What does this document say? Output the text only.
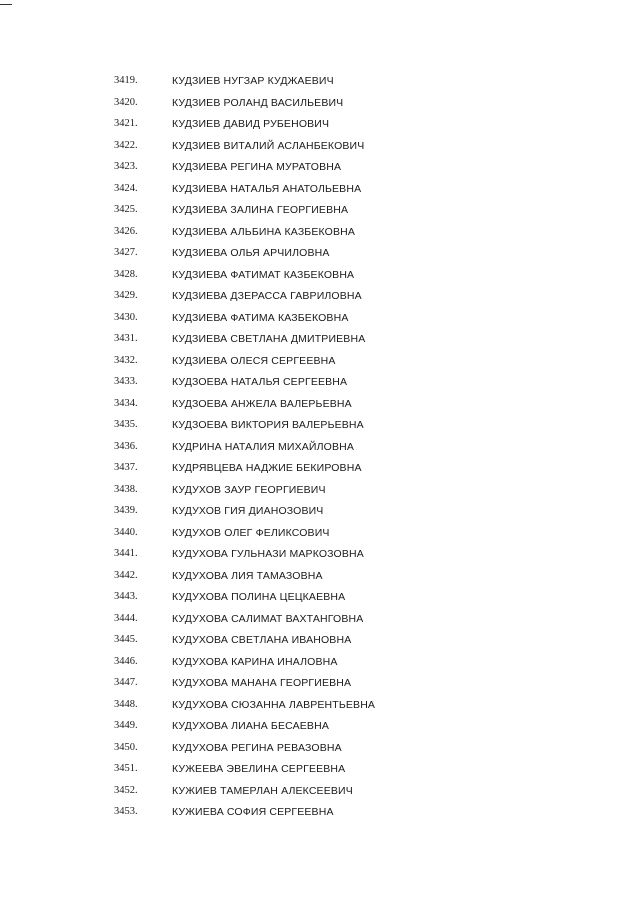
3419.	КУДЗИЕВ НУГЗАР КУДЖАЕВИЧ
3420.	КУДЗИЕВ РОЛАНД ВАСИЛЬЕВИЧ
3421.	КУДЗИЕВ ДАВИД РУБЕНОВИЧ
3422.	КУДЗИЕВ ВИТАЛИЙ АСЛАНБЕКОВИЧ
3423.	КУДЗИЕВА РЕГИНА МУРАТОВНА
3424.	КУДЗИЕВА НАТАЛЬЯ АНАТОЛЬЕВНА
3425.	КУДЗИЕВА ЗАЛИНА ГЕОРГИЕВНА
3426.	КУДЗИЕВА АЛЬБИНА КАЗБЕКОВНА
3427.	КУДЗИЕВА ОЛЬЯ АРЧИЛОВНА
3428.	КУДЗИЕВА ФАТИМАТ КАЗБЕКОВНА
3429.	КУДЗИЕВА ДЗЕРАССА ГАВРИЛОВНА
3430.	КУДЗИЕВА ФАТИМА КАЗБЕКОВНА
3431.	КУДЗИЕВА СВЕТЛАНА ДМИТРИЕВНА
3432.	КУДЗИЕВА ОЛЕСЯ СЕРГЕЕВНА
3433.	КУДЗОЕВА НАТАЛЬЯ СЕРГЕЕВНА
3434.	КУДЗОЕВА АНЖЕЛА ВАЛЕРЬЕВНА
3435.	КУДЗОЕВА ВИКТОРИЯ ВАЛЕРЬЕВНА
3436.	КУДРИНА НАТАЛИЯ МИХАЙЛОВНА
3437.	КУДРЯВЦЕВА НАДЖИЕ БЕКИРОВНА
3438.	КУДУХОВ ЗАУР ГЕОРГИЕВИЧ
3439.	КУДУХОВ ГИЯ ДИАНОЗОВИЧ
3440.	КУДУХОВ ОЛЕГ ФЕЛИКСОВИЧ
3441.	КУДУХОВА ГУЛЬНАЗИ МАРКОЗОВНА
3442.	КУДУХОВА ЛИЯ ТАМАЗОВНА
3443.	КУДУХОВА ПОЛИНА ЦЕЦКАЕВНА
3444.	КУДУХОВА САЛИМАТ ВАХТАНГОВНА
3445.	КУДУХОВА СВЕТЛАНА ИВАНОВНА
3446.	КУДУХОВА КАРИНА ИНАЛОВНА
3447.	КУДУХОВА МАНАНА ГЕОРГИЕВНА
3448.	КУДУХОВА СЮЗАННА ЛАВРЕНТЬЕВНА
3449.	КУДУХОВА ЛИАНА БЕСАЕВНА
3450.	КУДУХОВА РЕГИНА РЕВАЗОВНА
3451.	КУЖЕЕВА ЭВЕЛИНА СЕРГЕЕВНА
3452.	КУЖИЕВ ТАМЕРЛАН АЛЕКСЕЕВИЧ
3453.	КУЖИЕВА СОФИЯ СЕРГЕЕВНА
